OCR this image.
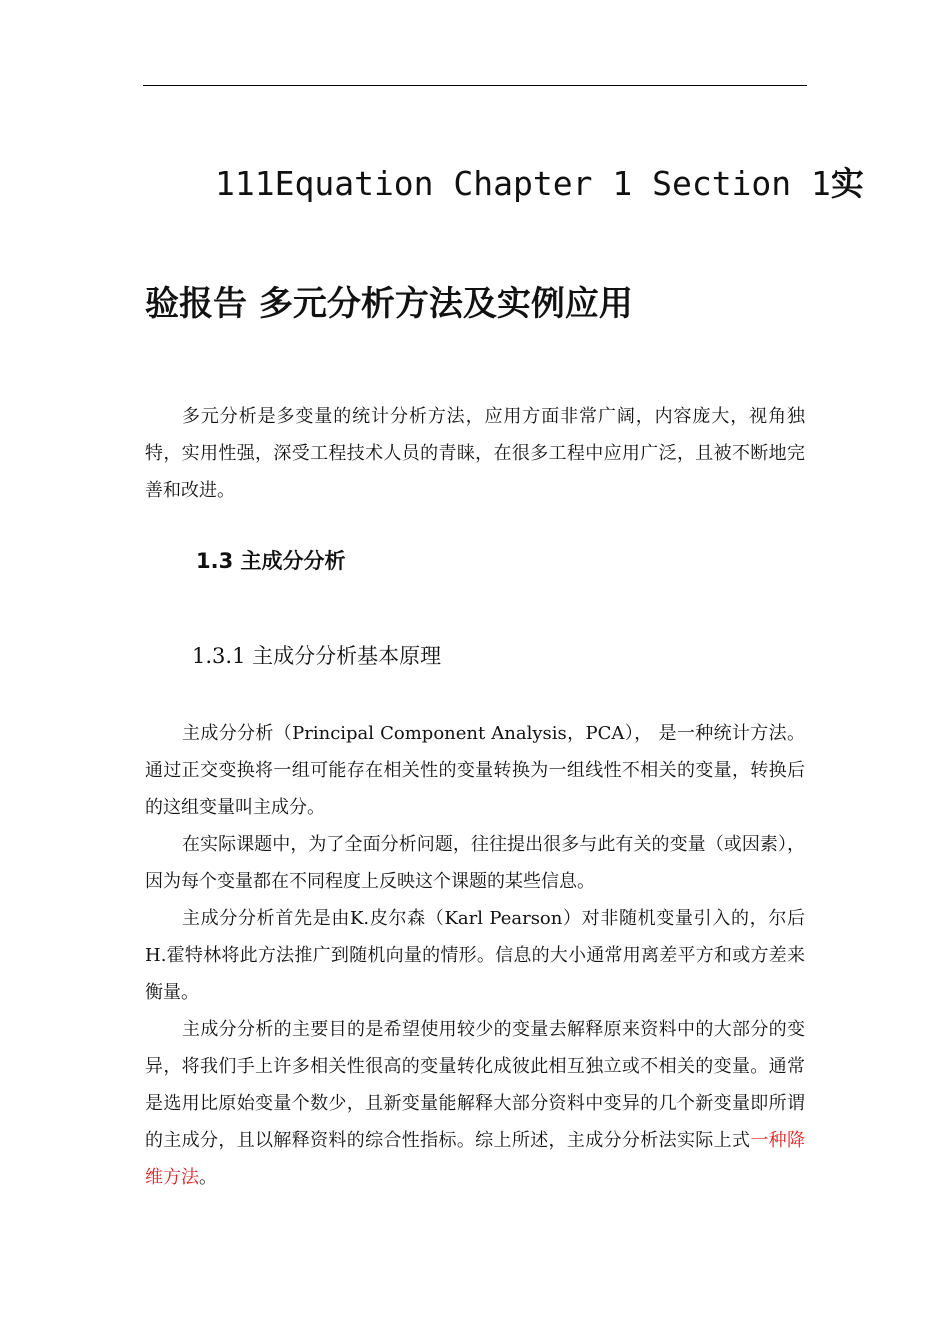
111Equation Chapter 1 Section 1实
验报告 多元分析方法及实例应用

多元分析是多变量的统计分析方法，应用方面非常广阔，内容庞大，视角独特，实用性强，深受工程技术人员的青睐，在很多工程中应用广泛，且被不断地完善和改进。

1.3 主成分分析
1.3.1 主成分分析基本原理

主成分分析（Principal Component Analysis，PCA）， 是一种统计方法。通过正交变换将一组可能存在相关性的变量转换为一组线性不相关的变量，转换后的这组变量叫主成分。

在实际课题中，为了全面分析问题，往往提出很多与此有关的变量（或因素），因为每个变量都在不同程度上反映这个课题的某些信息。

主成分分析首先是由K.皮尔森（Karl Pearson）对非随机变量引入的，尔后H.霍特林将此方法推广到随机向量的情形。信息的大小通常用离差平方和或方差来衡量。

主成分分析的主要目的是希望使用较少的变量去解释原来资料中的大部分的变异，将我们手上许多相关性很高的变量转化成彼此相互独立或不相关的变量。通常是选用比原始变量个数少，且新变量能解释大部分资料中变异的几个新变量即所谓的主成分，且以解释资料的综合性指标。综上所述，主成分分析法实际上式一种降维方法。
